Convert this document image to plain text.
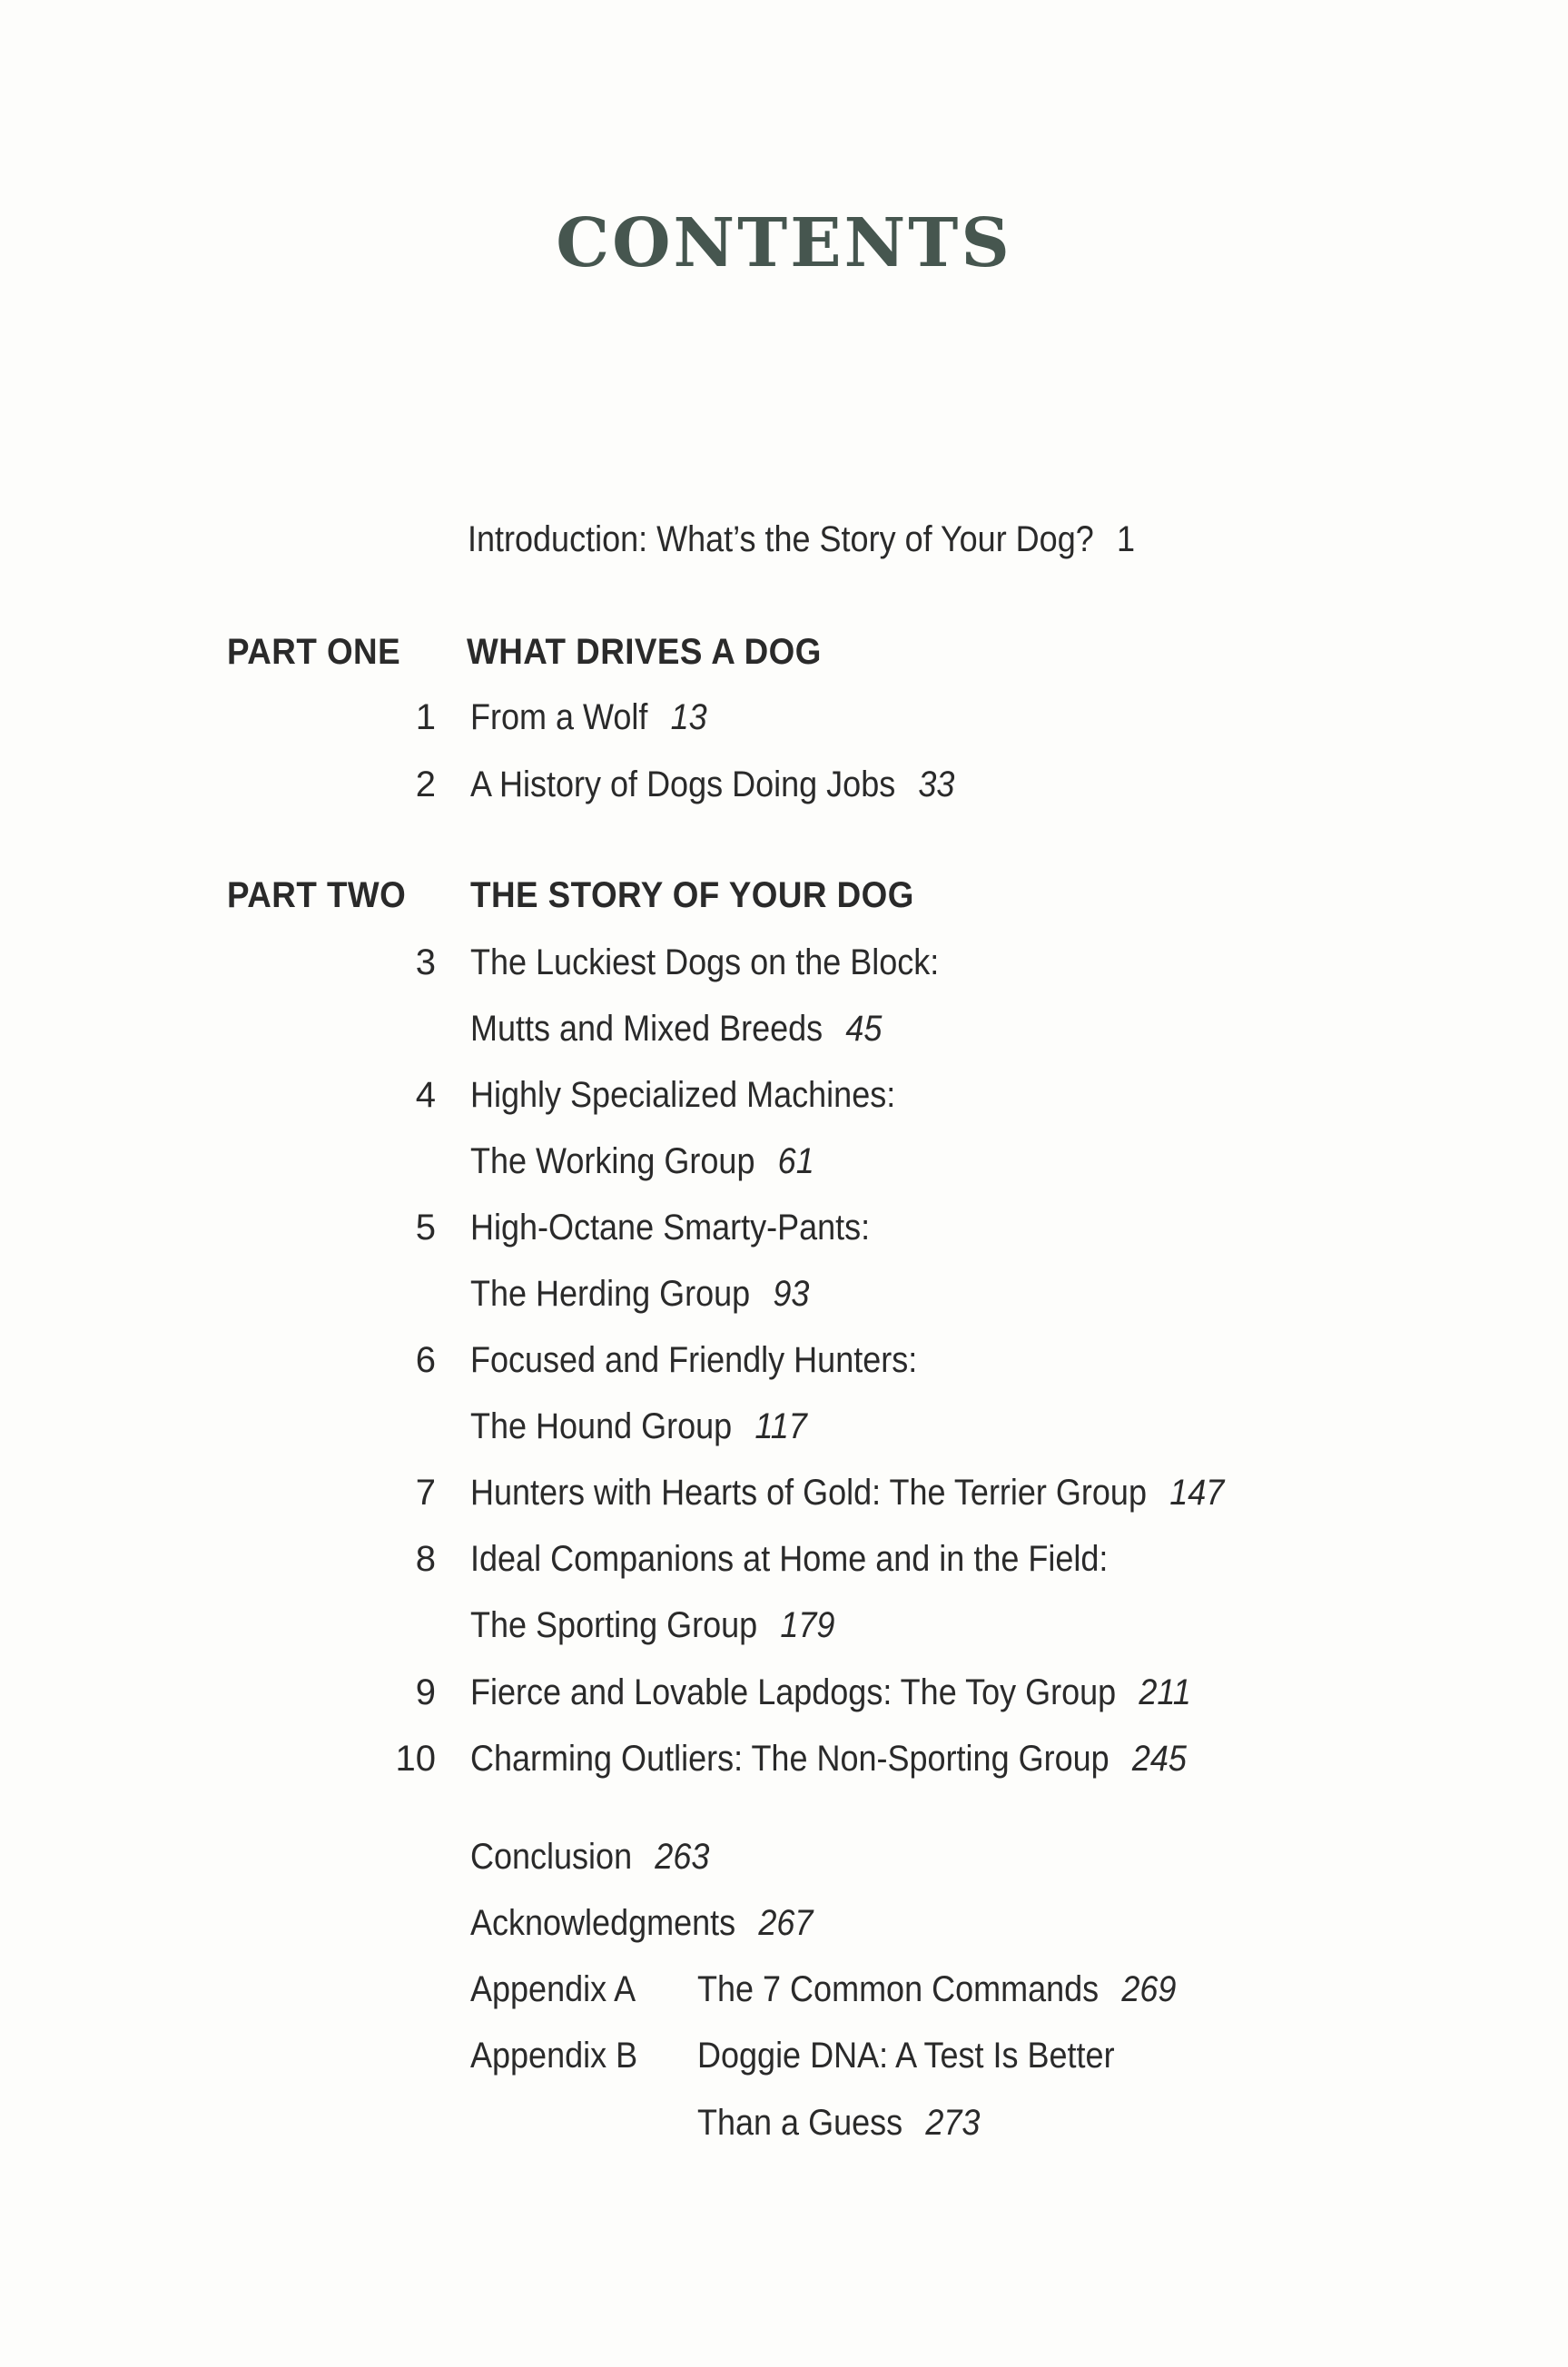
CONTENTS
Introduction: What’s the Story of Your Dog? 1
PART ONE WHAT DRIVES A DOG
1 From a Wolf 13
2 A History of Dogs Doing Jobs 33
PART TWO THE STORY OF YOUR DOG
3 The Luckiest Dogs on the Block:
Mutts and Mixed Breeds 45
4 Highly Specialized Machines:
The Working Group 61
5 High-Octane Smarty-Pants:
The Herding Group 93
6 Focused and Friendly Hunters:
The Hound Group 117
7 Hunters with Hearts of Gold: The Terrier Group 147
8 Ideal Companions at Home and in the Field:
The Sporting Group 179
9 Fierce and Lovable Lapdogs: The Toy Group 211
10 Charming Outliers: The Non-Sporting Group 245
Conclusion 263
Acknowledgments 267
Appendix A The 7 Common Commands 269
Appendix B Doggie DNA: A Test Is Better
Than a Guess 273
